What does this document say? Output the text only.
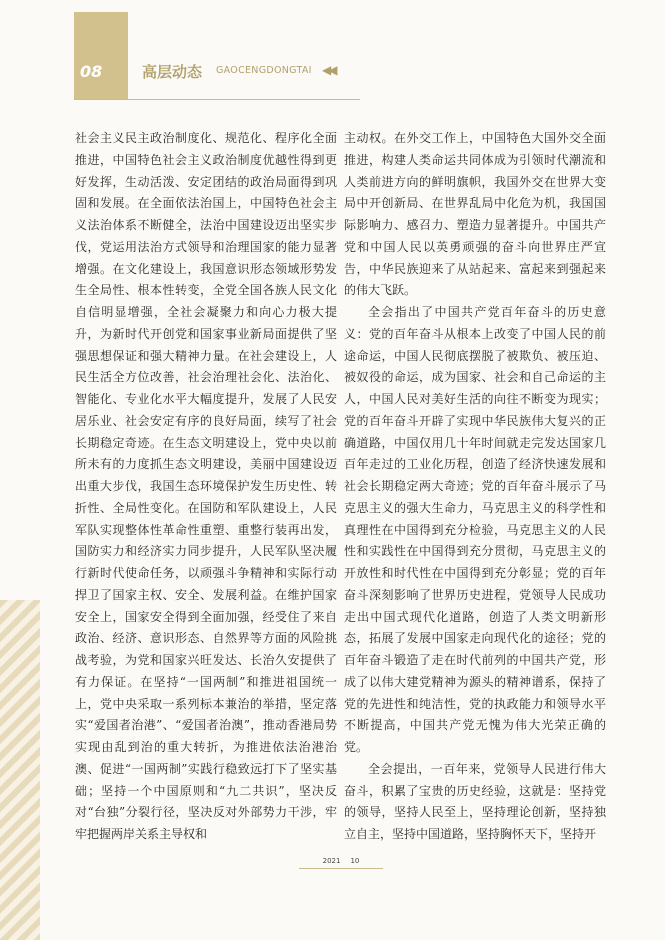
08	高层动态 GAOCENGDONGTAI ◀◀

社会主义民主政治制度化、规范化、程序化全面推进，中国特色社会主义政治制度优越性得到更好发挥，生动活泼、安定团结的政治局面得到巩固和发展。在全面依法治国上，中国特色社会主义法治体系不断健全，法治中国建设迈出坚实步伐，党运用法治方式领导和治理国家的能力显著增强。在文化建设上，我国意识形态领域形势发生全局性、根本性转变，全党全国各族人民文化自信明显增强，全社会凝聚力和向心力极大提升，为新时代开创党和国家事业新局面提供了坚强思想保证和强大精神力量。在社会建设上，人民生活全方位改善，社会治理社会化、法治化、智能化、专业化水平大幅度提升，发展了人民安居乐业、社会安定有序的良好局面，续写了社会长期稳定奇迹。在生态文明建设上，党中央以前所未有的力度抓生态文明建设，美丽中国建设迈出重大步伐，我国生态环境保护发生历史性、转折性、全局性变化。在国防和军队建设上，人民军队实现整体性革命性重塑、重整行装再出发，国防实力和经济实力同步提升，人民军队坚决履行新时代使命任务，以顽强斗争精神和实际行动捍卫了国家主权、安全、发展利益。在维护国家安全上，国家安全得到全面加强，经受住了来自政治、经济、意识形态、自然界等方面的风险挑战考验，为党和国家兴旺发达、长治久安提供了有力保证。在坚持“一国两制”和推进祖国统一上，党中央采取一系列标本兼治的举措，坚定落实“爱国者治港”、“爱国者治澳”，推动香港局势实现由乱到治的重大转折，为推进依法治港治澳、促进“一国两制”实践行稳致远打下了坚实基础；坚持一个中国原则和“九二共识”，坚决反对“台独”分裂行径，坚决反对外部势力干涉，牢牢把握两岸关系主导权和

主动权。在外交工作上，中国特色大国外交全面推进，构建人类命运共同体成为引领时代潮流和人类前进方向的鲜明旗帜，我国外交在世界大变局中开创新局、在世界乱局中化危为机，我国国际影响力、感召力、塑造力显著提升。中国共产党和中国人民以英勇顽强的奋斗向世界庄严宣告，中华民族迎来了从站起来、富起来到强起来的伟大飞跃。

全会指出了中国共产党百年奋斗的历史意义：党的百年奋斗从根本上改变了中国人民的前途命运，中国人民彻底摆脱了被欺负、被压迫、被奴役的命运，成为国家、社会和自己命运的主人，中国人民对美好生活的向往不断变为现实；党的百年奋斗开辟了实现中华民族伟大复兴的正确道路，中国仅用几十年时间就走完发达国家几百年走过的工业化历程，创造了经济快速发展和社会长期稳定两大奇迹；党的百年奋斗展示了马克思主义的强大生命力，马克思主义的科学性和真理性在中国得到充分检验，马克思主义的人民性和实践性在中国得到充分贯彻，马克思主义的开放性和时代性在中国得到充分彰显；党的百年奋斗深刻影响了世界历史进程，党领导人民成功走出中国式现代化道路，创造了人类文明新形态，拓展了发展中国家走向现代化的途径；党的百年奋斗锻造了走在时代前列的中国共产党，形成了以伟大建党精神为源头的精神谱系，保持了党的先进性和纯洁性，党的执政能力和领导水平不断提高，中国共产党无愧为伟大光荣正确的党。

全会提出，一百年来，党领导人民进行伟大奋斗，积累了宝贵的历史经验，这就是：坚持党的领导，坚持人民至上，坚持理论创新，坚持独立自主，坚持中国道路，坚持胸怀天下，坚持开

2021 10
